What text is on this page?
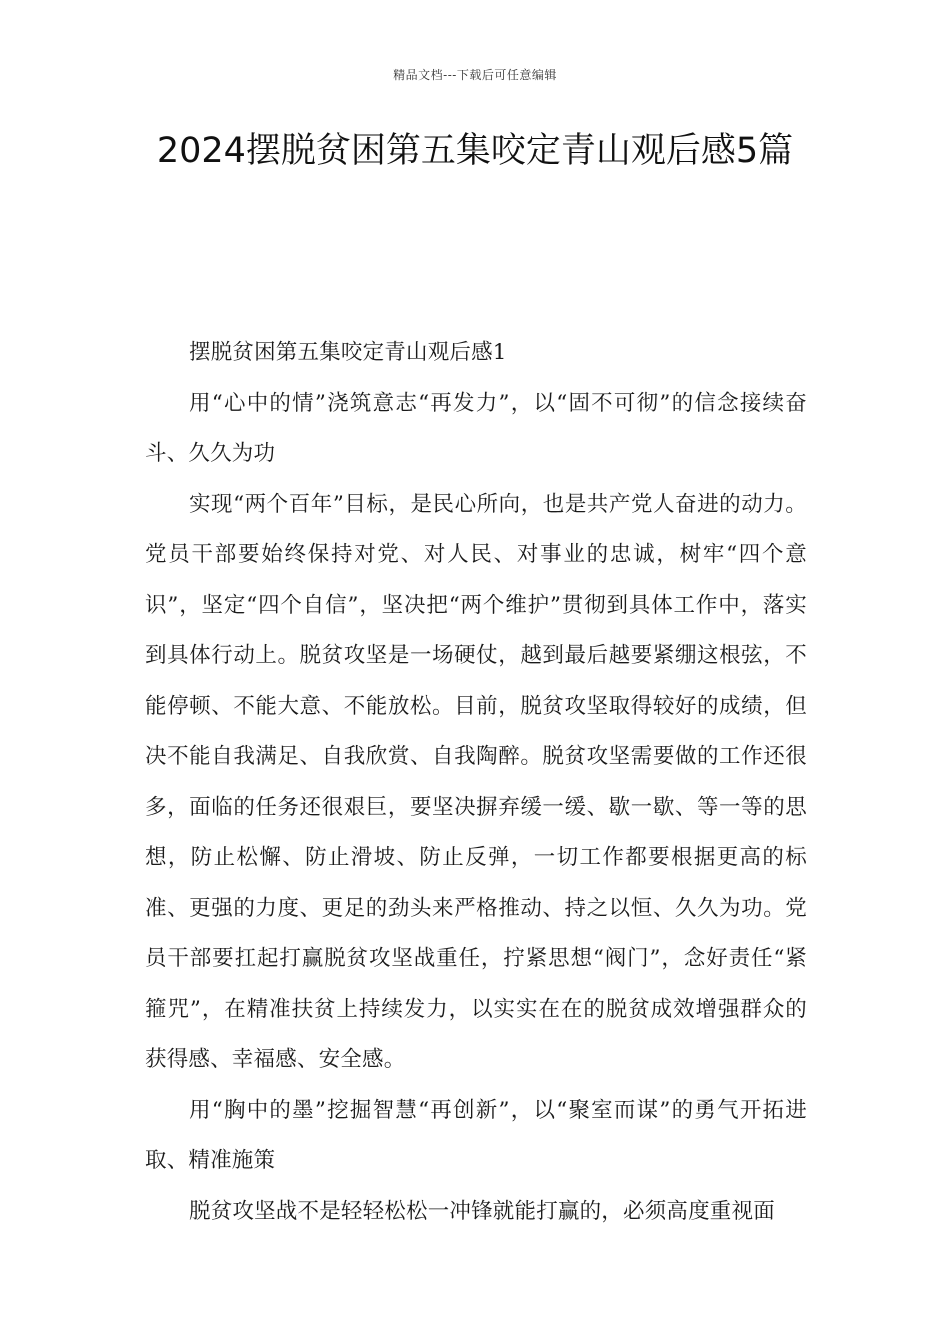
精品文档---下载后可任意编辑
2024摆脱贫困第五集咬定青山观后感5篇

摆脱贫困第五集咬定青山观后感1

用“心中的情”浇筑意志“再发力”，以“固不可彻”的信念接续奋斗、久久为功

实现“两个百年”目标，是民心所向，也是共产党人奋进的动力。党员干部要始终保持对党、对人民、对事业的忠诚，树牢“四个意识”，坚定“四个自信”，坚决把“两个维护”贯彻到具体工作中，落实到具体行动上。脱贫攻坚是一场硬仗，越到最后越要紧绷这根弦，不能停顿、不能大意、不能放松。目前，脱贫攻坚取得较好的成绩，但决不能自我满足、自我欣赏、自我陶醉。脱贫攻坚需要做的工作还很多，面临的任务还很艰巨，要坚决摒弃缓一缓、歇一歇、等一等的思想，防止松懈、防止滑坡、防止反弹，一切工作都要根据更高的标准、更强的力度、更足的劲头来严格推动、持之以恒、久久为功。党员干部要扛起打赢脱贫攻坚战重任，拧紧思想“阀门”，念好责任“紧箍咒”，在精准扶贫上持续发力，以实实在在的脱贫成效增强群众的获得感、幸福感、安全感。

用“胸中的墨”挖掘智慧“再创新”，以“聚室而谋”的勇气开拓进取、精准施策

脱贫攻坚战不是轻轻松松一冲锋就能打赢的，必须高度重视面
